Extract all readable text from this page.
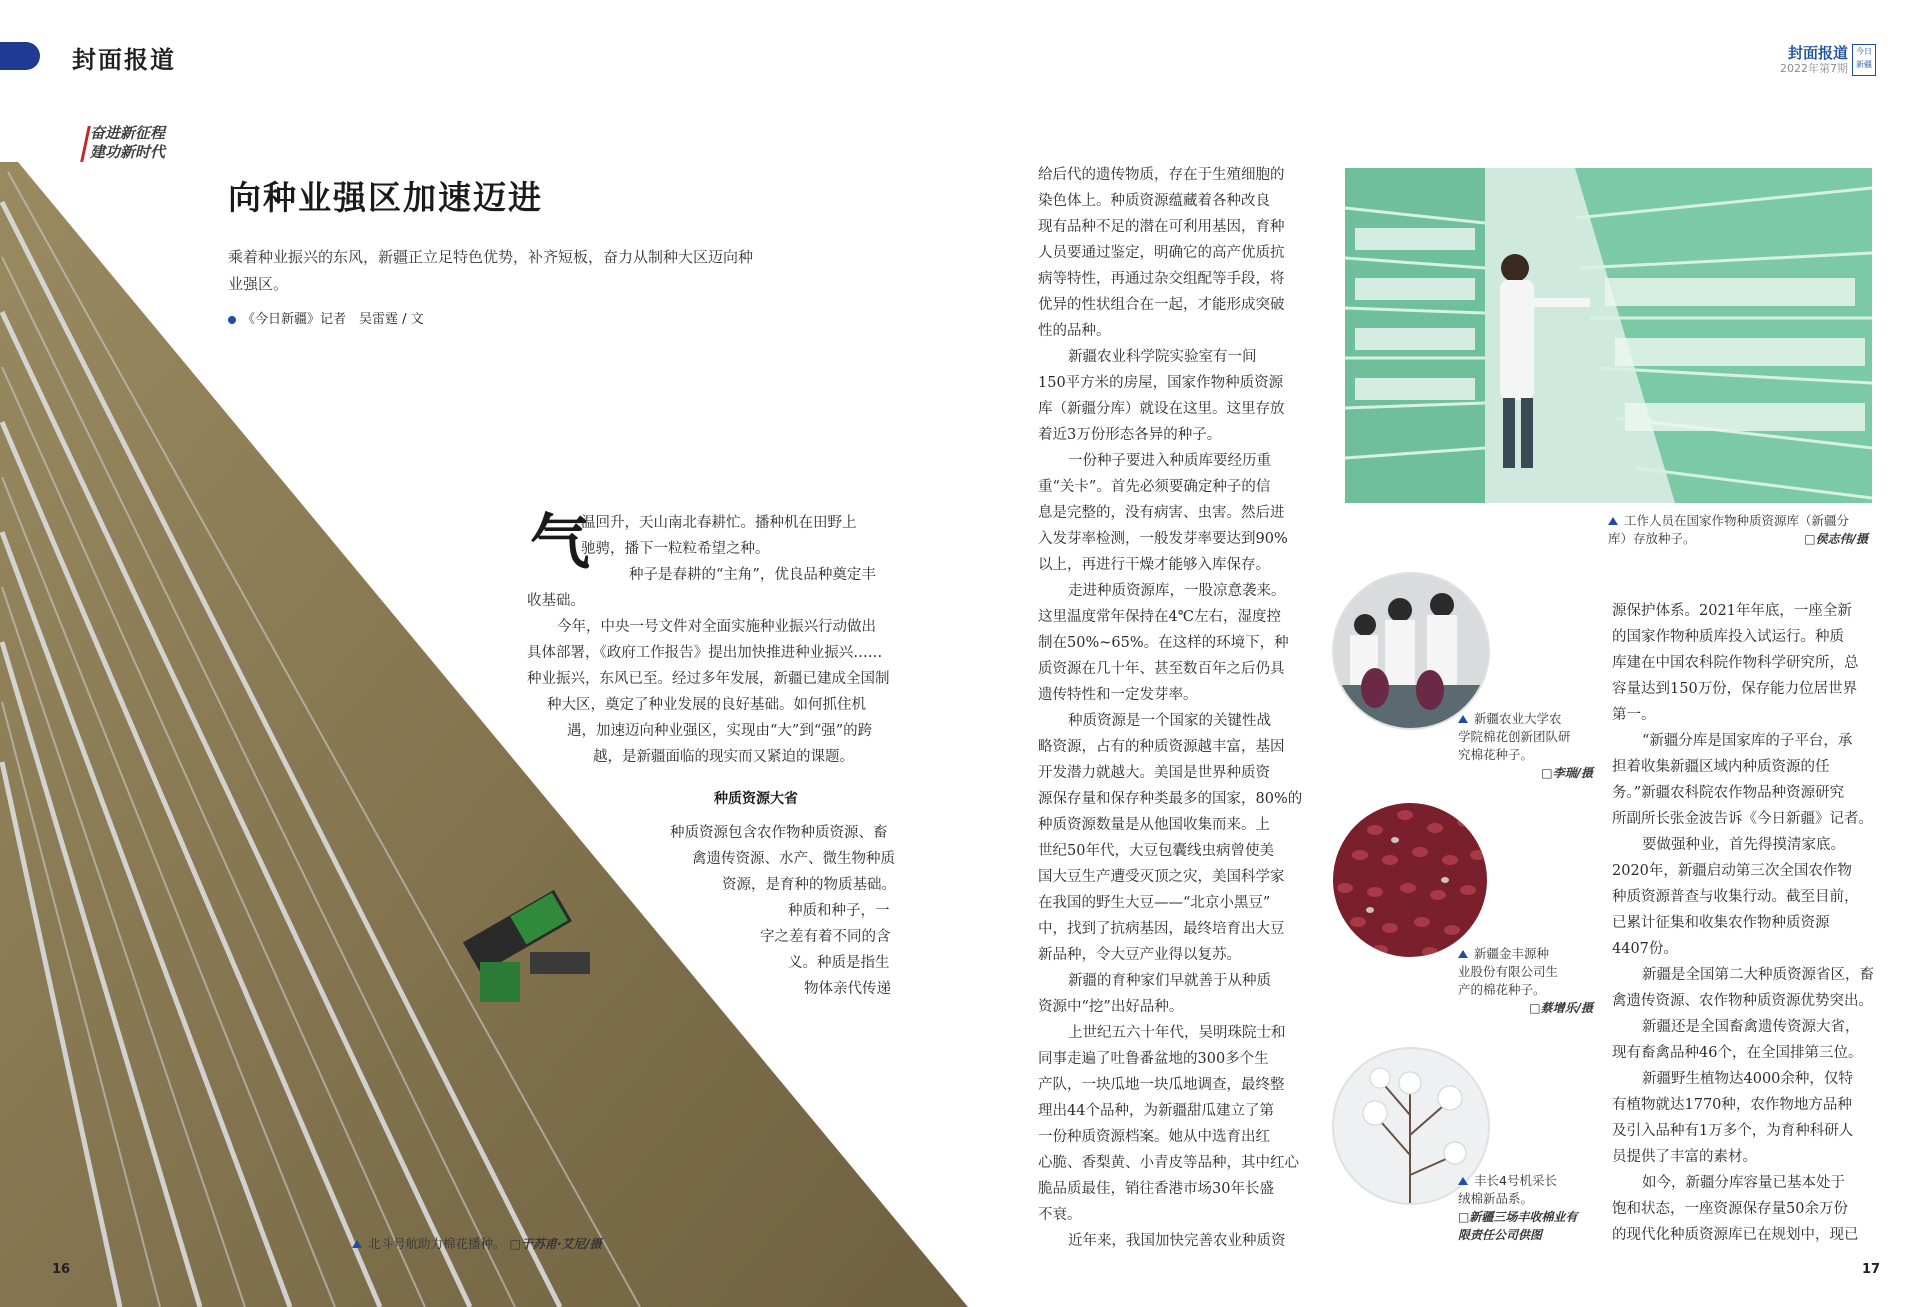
封面报道	封面报道
2022年第7期
今日新疆
奋进新征程
建功新时代
向种业强区加速迈进
乘着种业振兴的东风，新疆正立足特色优势，补齐短板，奋力从制种大区迈向种业强区。
《今日新疆》记者　吴雷霆 / 文
气
温回升，天山南北春耕忙。播种机在田野上
驰骋，播下一粒粒希望之种。
种子是春耕的“主角”，优良品种奠定丰
收基础。
今年，中央一号文件对全面实施种业振兴行动做出
具体部署，《政府工作报告》提出加快推进种业振兴……
种业振兴，东风已至。经过多年发展，新疆已建成全国制
种大区，奠定了种业发展的良好基础。如何抓住机
遇，加速迈向种业强区，实现由“大”到“强”的跨
越，是新疆面临的现实而又紧迫的课题。
种质资源大省
种质资源包含农作物种质资源、畜
禽遗传资源、水产、微生物种质
资源，是育种的物质基础。
种质和种子，一
字之差有着不同的含
义。种质是指生
物体亲代传递
北斗号航助力棉花播种。 □于苏甫·艾尼/摄
16
给后代的遗传物质，存在于生殖细胞的
染色体上。种质资源蕴藏着各种改良
现有品种不足的潜在可利用基因，育种
人员要通过鉴定，明确它的高产优质抗
病等特性，再通过杂交组配等手段，将
优异的性状组合在一起，才能形成突破
性的品种。
新疆农业科学院实验室有一间
150平方米的房屋，国家作物种质资源
库（新疆分库）就设在这里。这里存放
着近3万份形态各异的种子。
一份种子要进入种质库要经历重
重“关卡”。首先必须要确定种子的信
息是完整的，没有病害、虫害。然后进
入发芽率检测，一般发芽率要达到90%
以上，再进行干燥才能够入库保存。
走进种质资源库，一股凉意袭来。
这里温度常年保持在4℃左右，湿度控
制在50%~65%。在这样的环境下，种
质资源在几十年、甚至数百年之后仍具
遗传特性和一定发芽率。
种质资源是一个国家的关键性战
略资源，占有的种质资源越丰富，基因
开发潜力就越大。美国是世界种质资
源保存量和保存种类最多的国家，80%的
种质资源数量是从他国收集而来。上
世纪50年代，大豆包囊线虫病曾使美
国大豆生产遭受灭顶之灾，美国科学家
在我国的野生大豆——“北京小黑豆”
中，找到了抗病基因，最终培育出大豆
新品种，令大豆产业得以复苏。
新疆的育种家们早就善于从种质
资源中“挖”出好品种。
上世纪五六十年代，吴明珠院士和
同事走遍了吐鲁番盆地的300多个生
产队，一块瓜地一块瓜地调查，最终整
理出44个品种，为新疆甜瓜建立了第
一份种质资源档案。她从中选育出红
心脆、香梨黄、小青皮等品种，其中红心
脆品质最佳，销往香港市场30年长盛
不衰。
近年来，我国加快完善农业种质资
工作人员在国家作物种质资源库（新疆分
库）存放种子。	□侯志伟/摄
新疆农业大学农
学院棉花创新团队研
究棉花种子。
□李瑞/摄
新疆金丰源种
业股份有限公司生
产的棉花种子。
□蔡增乐/摄
丰长4号机采长
绒棉新品系。
□新疆三场丰收棉业有
限责任公司供图
源保护体系。2021年年底，一座全新
的国家作物种质库投入试运行。种质
库建在中国农科院作物科学研究所，总
容量达到150万份，保存能力位居世界
第一。
“新疆分库是国家库的子平台，承
担着收集新疆区域内种质资源的任
务。”新疆农科院农作物品种资源研究
所副所长张金波告诉《今日新疆》记者。
要做强种业，首先得摸清家底。
2020年，新疆启动第三次全国农作物
种质资源普查与收集行动。截至目前，
已累计征集和收集农作物种质资源
4407份。
新疆是全国第二大种质资源省区，畜
禽遗传资源、农作物种质资源优势突出。
新疆还是全国畜禽遗传资源大省，
现有畜禽品种46个，在全国排第三位。
新疆野生植物达4000余种，仅特
有植物就达1770种，农作物地方品种
及引入品种有1万多个，为育种科研人
员提供了丰富的素材。
如今，新疆分库容量已基本处于
饱和状态，一座资源保存量50余万份
的现代化种质资源库已在规划中，现已
17
